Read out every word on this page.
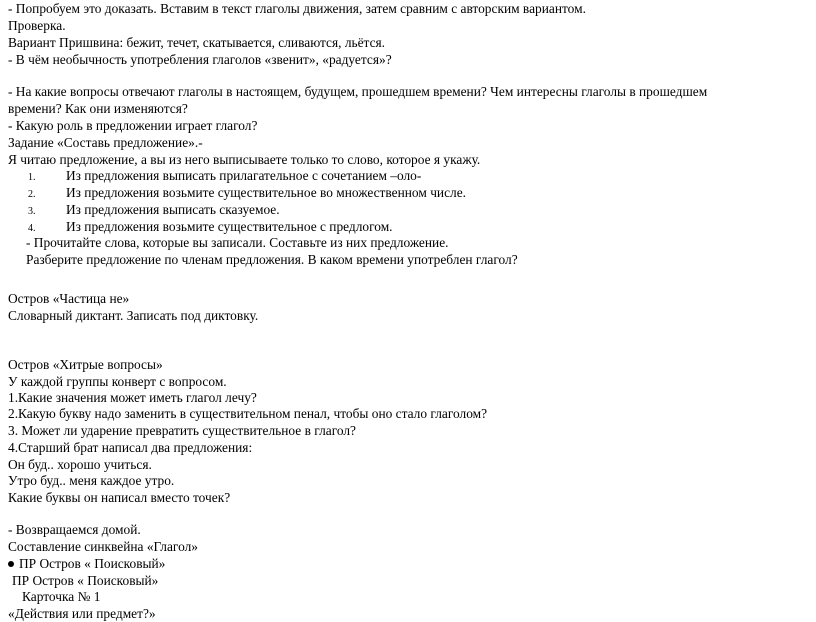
- Попробуем это доказать. Вставим в текст глаголы движения, затем сравним с авторским вариантом.
Проверка.
Вариант Пришвина: бежит, течет, скатывается, сливаются, льётся.
- В чём необычность употребления глаголов «звенит», «радуется»?
- На какие вопросы отвечают глаголы в настоящем, будущем, прошедшем времени? Чем интересны глаголы в прошедшем
времени? Как они изменяются?
- Какую роль в предложении играет глагол?
Задание «Составь предложение».-
Я читаю предложение, а вы из него выписываете только то слово, которое я укажу.
1. Из предложения выписать прилагательное с сочетанием –оло-
2. Из предложения возьмите существительное во множественном числе.
3. Из предложения выписать сказуемое.
4. Из предложения возьмите существительное с предлогом.
- Прочитайте слова, которые вы записали. Составьте из них предложение.
Разберите предложение по членам предложения. В каком времени употреблен глагол?
Остров «Частица не»
Словарный диктант. Записать под диктовку.
Остров «Хитрые вопросы»
У каждой группы конверт с вопросом.
1.Какие значения может иметь глагол лечу?
2.Какую букву надо заменить в существительном пенал, чтобы оно стало глаголом?
3. Может ли ударение превратить существительное в глагол?
4.Старший брат написал два предложения:
Он буд.. хорошо учиться.
Утро буд.. меня каждое утро.
Какие буквы он написал вместо точек?
- Возвращаемся домой.
Составление синквейна «Глагол»
ПР Остров « Поисковый»
ПР Остров « Поисковый»
Карточка № 1
«Действия или предмет?»
